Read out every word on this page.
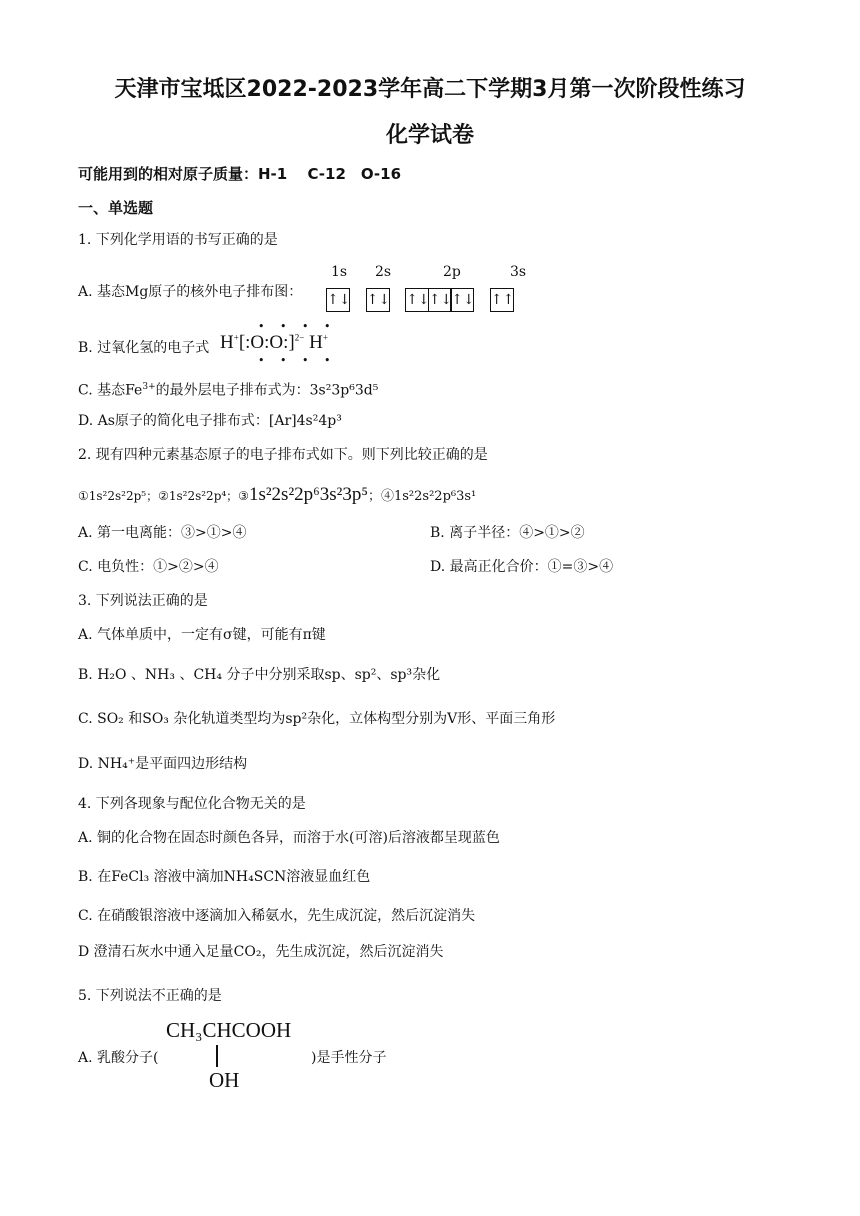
天津市宝坻区2022-2023学年高二下学期3月第一次阶段性练习
化学试卷
可能用到的相对原子质量：H-1　 C-12　O-16
一、单选题
1. 下列化学用语的书写正确的是
A. 基态Mg原子的核外电子排布图：
1s 2s	2p	3s
↑↓ ↑↓ ↑↓↑↓↑↓ ↑↑
B. 过氧化氢的电子式 H+[:O:O:]$^{2-}$ H+
• • • •
• • • •
C. 基态$Fe^{3+}$的最外层电子排布式为：3s²3p⁶3d⁵
D. As原子的简化电子排布式：[Ar]4s²4p³
2. 现有四种元素基态原子的电子排布式如下。则下列比较正确的是
①1s²2s²2p⁵；②1s²2s²2p⁴；③1s²2s²2p⁶3s²3p⁵；④1s²2s²2p⁶3s¹
A. 第一电离能：③>①>④	B. 离子半径：④>①>②
C. 电负性：①>②>④	D. 最高正化合价：①=③>④
3. 下列说法正确的是
A. 气体单质中，一定有σ键，可能有π键
B. H₂O 、NH₃ 、CH₄ 分子中分别采取sp、sp²、sp³杂化
C. SO₂ 和SO₃ 杂化轨道类型均为sp²杂化，立体构型分别为V形、平面三角形
D. NH₄⁺是平面四边形结构
4. 下列各现象与配位化合物无关的是
A. 铜的化合物在固态时颜色各异，而溶于水(可溶)后溶液都呈现蓝色
B. 在FeCl₃ 溶液中滴加NH₄SCN溶液显血红色
C. 在硝酸银溶液中逐滴加入稀氨水，先生成沉淀，然后沉淀消失
D 澄清石灰水中通入足量CO₂，先生成沉淀，然后沉淀消失
5. 下列说法不正确的是
A. 乳酸分子(
CH₃CHCOOH
OH
)是手性分子
